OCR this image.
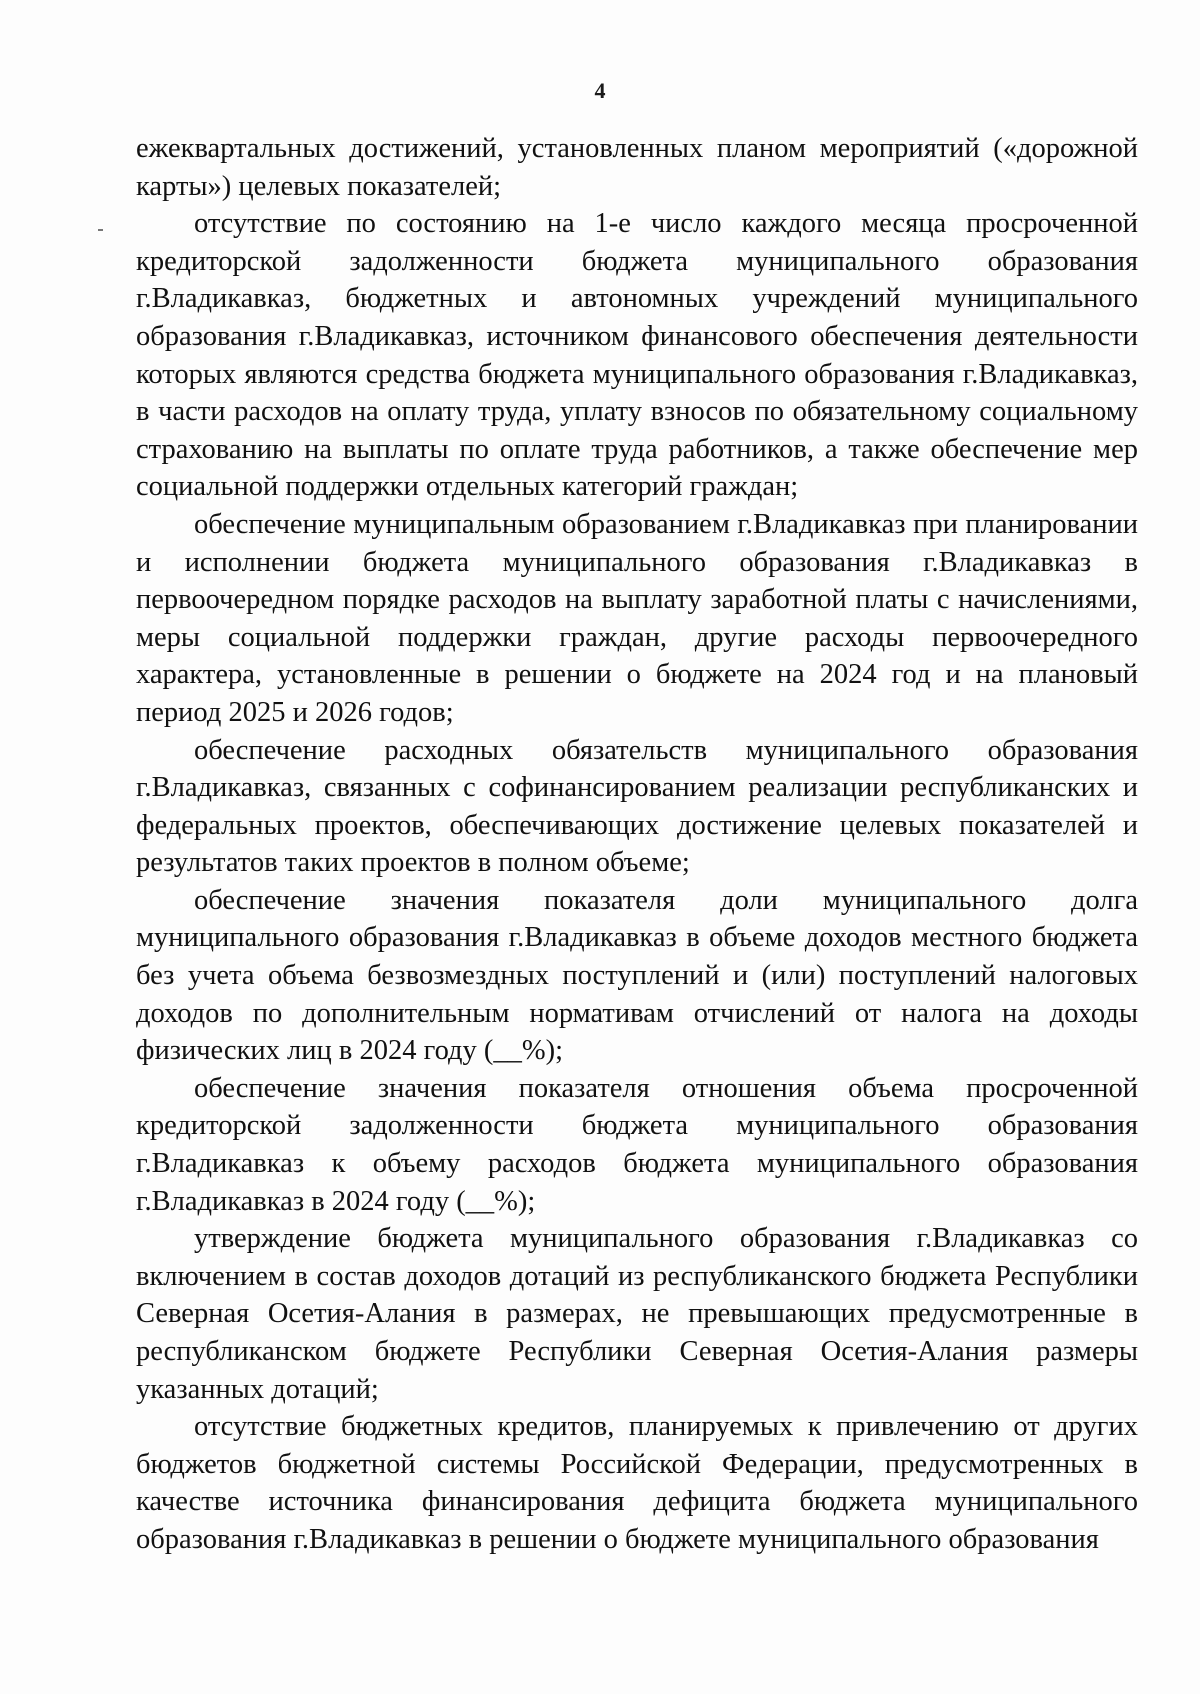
4

ежеквартальных достижений, установленных планом мероприятий («дорожной карты») целевых показателей;

отсутствие по состоянию на 1-е число каждого месяца просроченной кредиторской задолженности бюджета муниципального образования г.Владикавказ, бюджетных и автономных учреждений муниципального образования г.Владикавказ, источником финансового обеспечения деятельности которых являются средства бюджета муниципального образования г.Владикавказ, в части расходов на оплату труда, уплату взносов по обязательному социальному страхованию на выплаты по оплате труда работников, а также обеспечение мер социальной поддержки отдельных категорий граждан;

обеспечение муниципальным образованием г.Владикавказ при планировании и исполнении бюджета муниципального образования г.Владикавказ в первоочередном порядке расходов на выплату заработной платы с начислениями, меры социальной поддержки граждан, другие расходы первоочередного характера, установленные в решении о бюджете на 2024 год и на плановый период 2025 и 2026 годов;

обеспечение расходных обязательств муниципального образования г.Владикавказ, связанных с софинансированием реализации республиканских и федеральных проектов, обеспечивающих достижение целевых показателей и результатов таких проектов в полном объеме;

обеспечение значения показателя доли муниципального долга муниципального образования г.Владикавказ в объеме доходов местного бюджета без учета объема безвозмездных поступлений и (или) поступлений налоговых доходов по дополнительным нормативам отчислений от налога на доходы физических лиц в 2024 году (__%);

обеспечение значения показателя отношения объема просроченной кредиторской задолженности бюджета муниципального образования г.Владикавказ к объему расходов бюджета муниципального образования г.Владикавказ в 2024 году (__%);

утверждение бюджета муниципального образования г.Владикавказ со включением в состав доходов дотаций из республиканского бюджета Республики Северная Осетия-Алания в размерах, не превышающих предусмотренные в республиканском бюджете Республики Северная Осетия-Алания размеры указанных дотаций;

отсутствие бюджетных кредитов, планируемых к привлечению от других бюджетов бюджетной системы Российской Федерации, предусмотренных в качестве источника финансирования дефицита бюджета муниципального образования г.Владикавказ в решении о бюджете муниципального образования
